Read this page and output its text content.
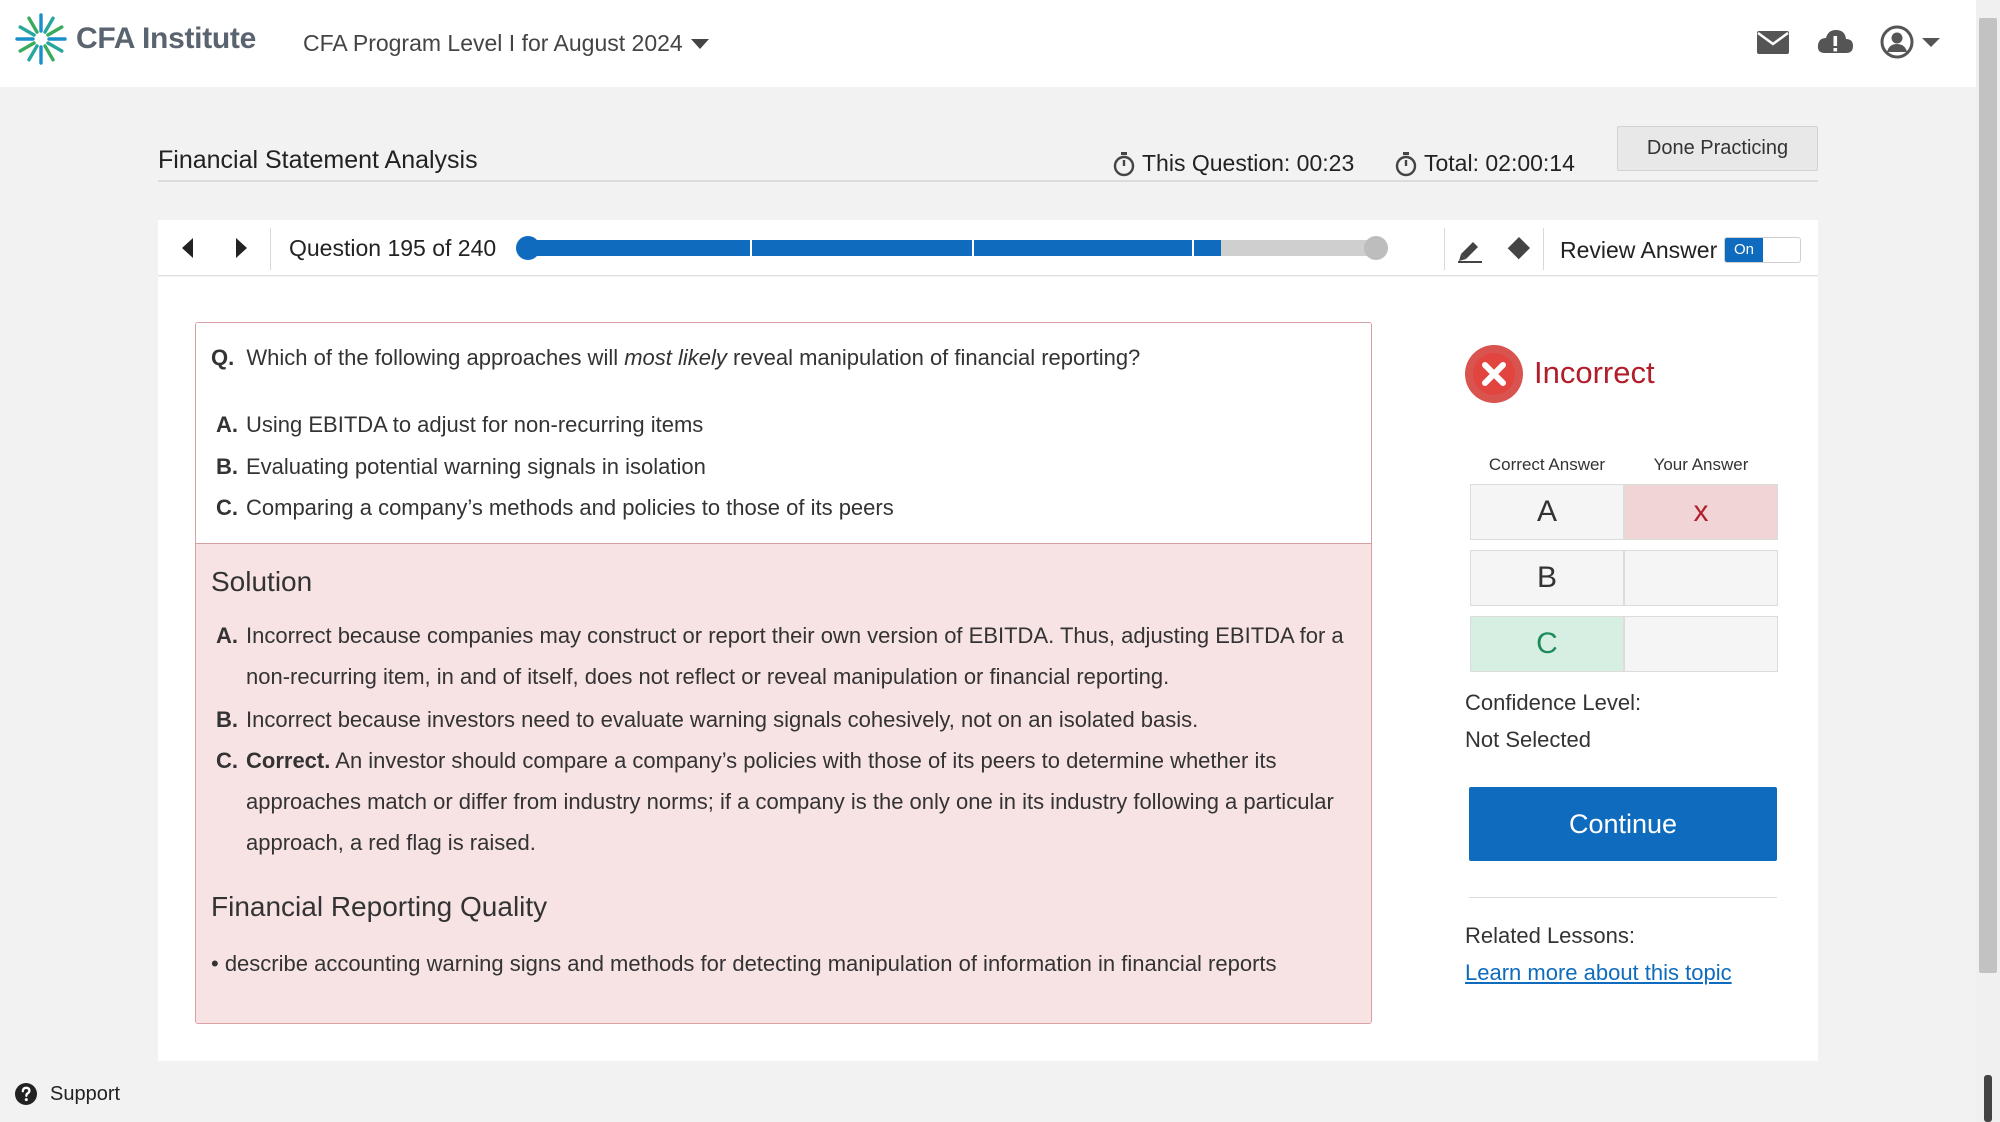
CFA Institute CFA Program Level I for August 2024
Financial Statement Analysis	This Question: 00:23	Total: 02:00:14
Done Practicing
Question 195 of 240	Review Answer	On
Q. Which of the following approaches will most likely reveal manipulation of financial reporting?
A. Using EBITDA to adjust for non-recurring items
B. Evaluating potential warning signals in isolation
C. Comparing a company’s methods and policies to those of its peers
Solution
A. Incorrect because companies may construct or report their own version of EBITDA. Thus, adjusting EBITDA for a non-recurring item, in and of itself, does not reflect or reveal manipulation or financial reporting.
B. Incorrect because investors need to evaluate warning signals cohesively, not on an isolated basis.
C. Correct. An investor should compare a company’s policies with those of its peers to determine whether its approaches match or differ from industry norms; if a company is the only one in its industry following a particular approach, a red flag is raised.
Financial Reporting Quality
• describe accounting warning signs and methods for detecting manipulation of information in financial reports
Incorrect
Correct Answer	Your Answer
A	x
B
C
Confidence Level:
Not Selected
Continue
Related Lessons:
Learn more about this topic
Support
